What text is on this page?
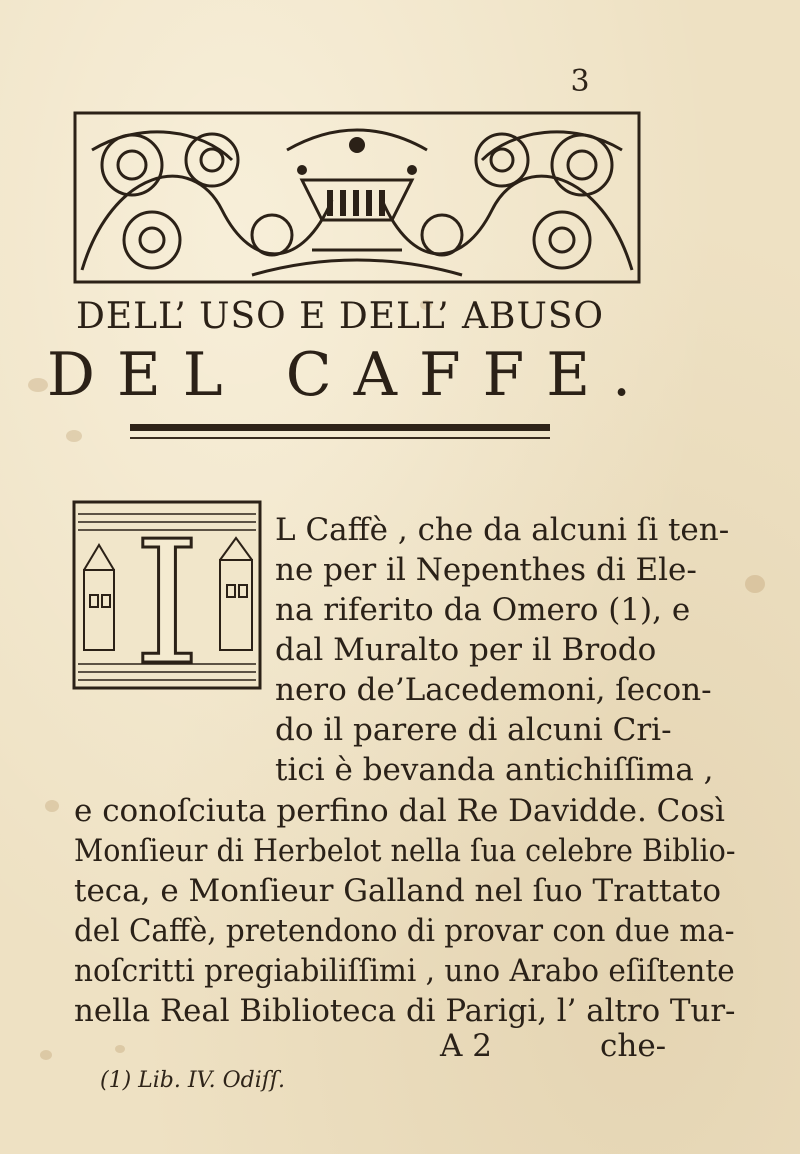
3
DELL’ USO E DELL’ ABUSO
DEL CAFFE.
I L Caffè , che da alcuni ſi ten-
ne per il Nepenthes di Ele-
na riferito da Omero (1), e
dal Muralto per il Brodo
nero de’Lacedemoni, ſecon-
do il parere di alcuni Cri-
tici è bevanda antichiſſima ,
e conoſciuta perfino dal Re Davidde. Così
Monſieur di Herbelot nella ſua celebre Biblio-
teca, e Monſieur Galland nel ſuo Trattato
del Caffè, pretendono di provar con due ma-
noſcritti pregiabiliſſimi , uno Arabo eſiſtente
nella Real Biblioteca di Parigi, l’ altro Tur-
A 2	che-
(1) Lib. IV. Odiſſ.
